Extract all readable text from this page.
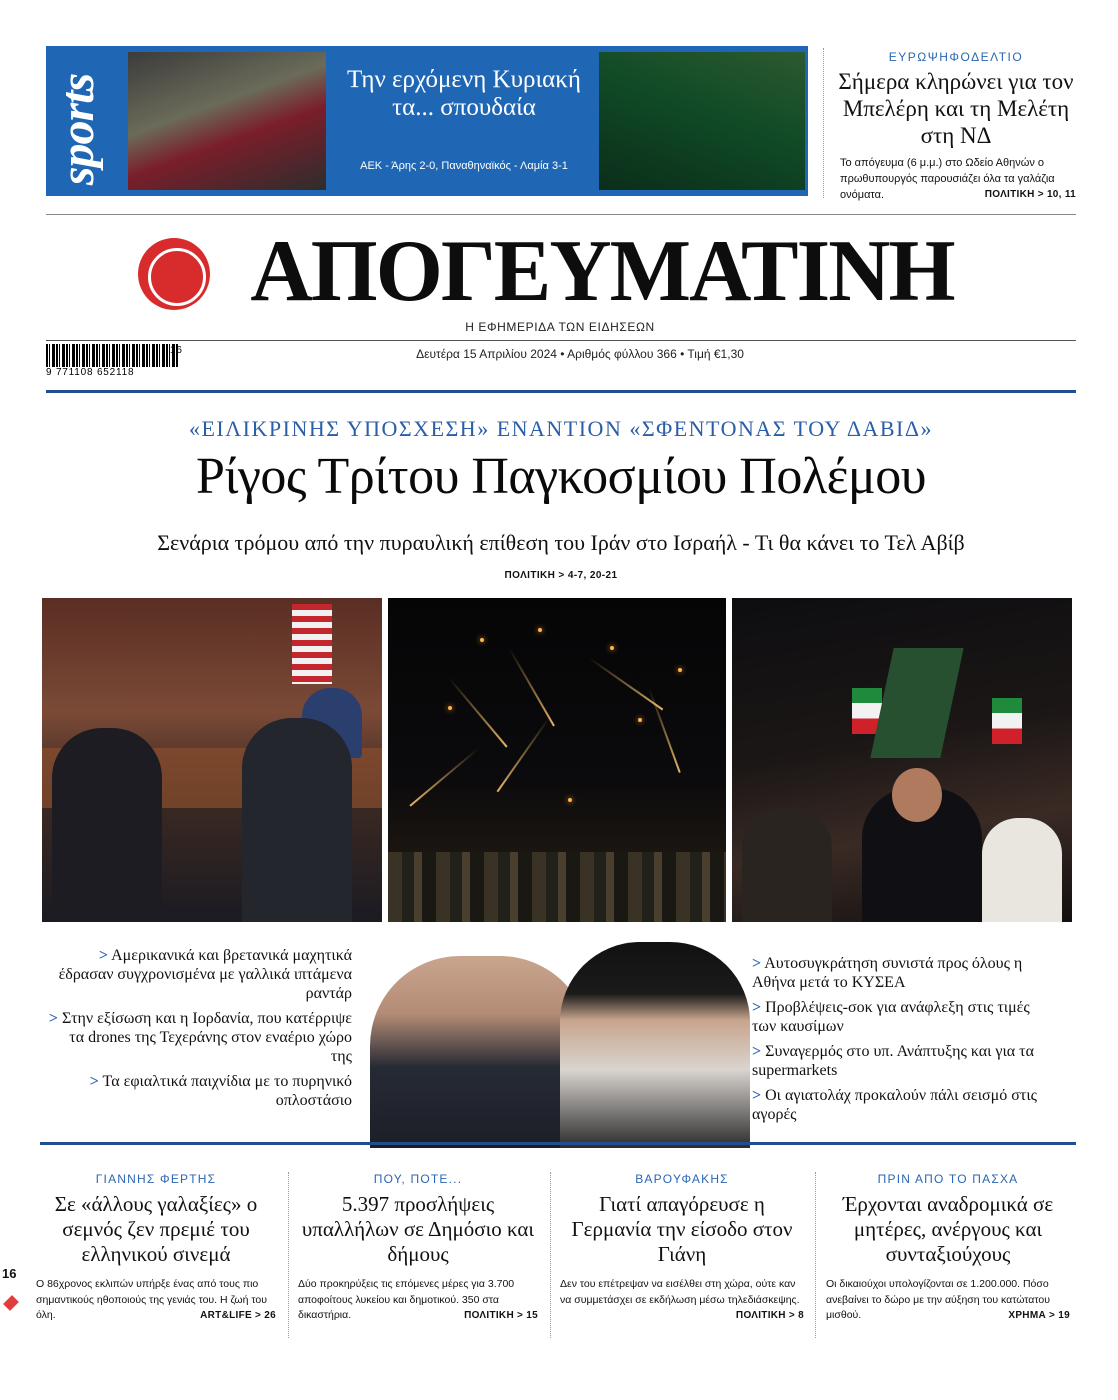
sports	Την ερχόμενη Κυριακή τα... σπουδαία
ΑΕΚ - Άρης 2-0, Παναθηναϊκός - Λαμία 3-1
ΕΥΡΩΨΗΦΟΔΕΛΤΙΟ
Σήμερα κληρώνει για τον Μπελέρη και τη Μελέτη στη ΝΔ
Το απόγευμα (6 μ.μ.) στο Ωδείο Αθηνών ο πρωθυπουργός παρουσιάζει όλα τα γαλάζια ονόματα.	ΠΟΛΙΤΙΚΗ > 10, 11
ΑΠΟΓΕΥΜΑΤΙΝΗ
Η ΕΦΗΜΕΡΙΔΑ ΤΩΝ ΕΙΔΗΣΕΩΝ
9 771108 652118
16	Δευτέρα 15 Απριλίου 2024 • Αριθμός φύλλου 366 • Τιμή €1,30
«ΕΙΛΙΚΡΙΝΗΣ ΥΠΟΣΧΕΣΗ» ΕΝΑΝΤΙΟΝ «ΣΦΕΝΤΟΝΑΣ ΤΟΥ ΔΑΒΙΔ»
Ρίγος Τρίτου Παγκοσμίου Πολέμου
Σενάρια τρόμου από την πυραυλική επίθεση του Ιράν στο Ισραήλ - Τι θα κάνει το Τελ Αβίβ
ΠΟΛΙΤΙΚΗ > 4-7, 20-21
> Αμερικανικά και βρετανικά μαχητικά έδρασαν συγχρονισμένα με γαλλικά ιπτάμενα ραντάρ
> Στην εξίσωση και η Ιορδανία, που κατέρριψε τα drones της Τεχεράνης στον εναέριο χώρο της
> Τα εφιαλτικά παιχνίδια με το πυρηνικό οπλοστάσιο
> Αυτοσυγκράτηση συνιστά προς όλους η Αθήνα μετά το ΚΥΣΕΑ
> Προβλέψεις-σοκ για ανάφλεξη στις τιμές των καυσίμων
> Συναγερμός στο υπ. Ανάπτυξης και για τα supermarkets
> Οι αγιατολάχ προκαλούν πάλι σεισμό στις αγορές
ΓΙΑΝΝΗΣ ΦΕΡΤΗΣ
Σε «άλλους γαλαξίες» ο σεμνός ζεν πρεμιέ του ελληνικού σινεμά
Ο 86χρονος εκλιπών υπήρξε ένας από τους πιο σημαντικούς ηθοποιούς της γενιάς του. Η ζωή του όλη.	ART&LIFE > 26
ΠΟΥ, ΠΟΤΕ...
5.397 προσλήψεις υπαλλήλων σε Δημόσιο και δήμους
Δύο προκηρύξεις τις επόμενες μέρες για 3.700 αποφοίτους λυκείου και δημοτικού. 350 στα δικαστήρια.	ΠΟΛΙΤΙΚΗ > 15
ΒΑΡΟΥΦΑΚΗΣ
Γιατί απαγόρευσε η Γερμανία την είσοδο στον Γιάνη
Δεν του επέτρεψαν να εισέλθει στη χώρα, ούτε καν να συμμετάσχει σε εκδήλωση μέσω τηλεδιάσκεψης.
ΠΟΛΙΤΙΚΗ > 8
ΠΡΙΝ ΑΠΟ ΤΟ ΠΑΣΧΑ
Έρχονται αναδρομικά σε μητέρες, ανέργους και συνταξιούχους
Οι δικαιούχοι υπολογίζονται σε 1.200.000. Πόσο ανεβαίνει το δώρο με την αύξηση του κατώτατου μισθού.	ΧΡΗΜΑ > 19
16
